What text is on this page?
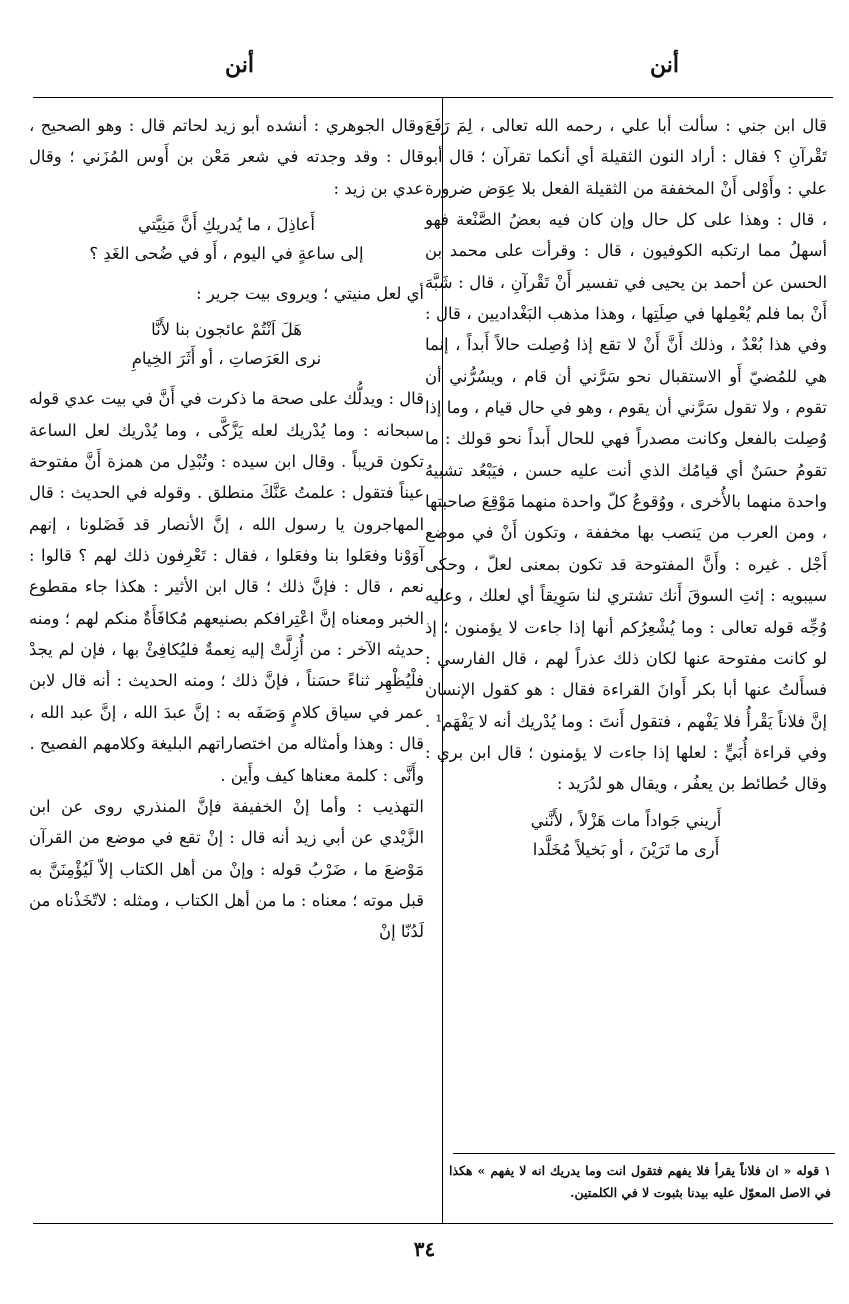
أنن
أنن

قال ابن جني : سألت أبا علي ، رحمه الله تعالى ، لِمَ رَفَعَ تَقْرآنِ ؟ فقال : أراد النون الثقيلة أي أنكما تقرآن ؛ قال أبو علي : وأَوْلى أَنْ المخففة من الثقيلة الفعل بلا عِوَض ضرورة ، قال : وهذا على كل حال وإن كان فيه بعضُ الصَّنْعة فهو أسهلُ مما ارتكبه الكوفيون ، قال : وقرأت على محمد بن الحسن عن أحمد بن يحيى في تفسير أَنْ تَقْرآنِ ، قال : شَبَّهَ أَنْ بما فلم يُعْمِلها في صِلَتِها ، وهذا مذهب البَغْداديين ، قال : وفي هذا بُعْدٌ ، وذلك أَنَّ أَنْ لا تقع إذا وُصِلت حالاً أَبداً ، إنما هي للمُضيّ أَو الاستقبال نحو سَرَّني أن قام ، ويسُرُّني أن تقوم ، ولا تقول سَرَّني أن يقوم ، وهو في حال قيام ، وما إذا وُصِلت بالفعل وكانت مصدراً فهي للحال أَبداً نحو قولك : ما تقومُ حسَنٌ أي قيامُك الذي أنت عليه حسن ، فيَبْعُد تشبيهُ واحدة منهما بالأُخرى ، ووُقوعُ كلّ واحدة منهما مَوْقِعَ صاحبتها ، ومن العرب من يَنصب بها مخففة ، وتكون أَنْ في موضع أَجْل . غيره : وأَنَّ المفتوحة قد تكون بمعنى لعلّ ، وحكى سيبويه : إئتِ السوقَ أَنك تشتري لنا سَوِيقاً أي لعلك ، وعليه وُجِّه قوله تعالى : وما يُشْعِرُكم أنها إذا جاءت لا يؤمنون ؛ إذ لو كانت مفتوحة عنها لكان ذلك عذراً لهم ، قال الفارسي : فسأَلتُ عنها أبا بكر أَوانَ القراءة فقال : هو كقول الإنسان إنَّ فلاناً يَقْرأُ فلا يَفْهم ، فتقول أَنتَ : وما يُدْريك أنه لا يَفْهَم¹ . وفي قراءة أُبَيٍّ : لعلها إذا جاءت لا يؤمنون ؛ قال ابن بري : وقال حُطائط بن يعفُر ، ويقال هو لدُرَيد :

أَريني جَواداً مات هَزْلاً ، لأَنَّني
أَرى ما تَرَيْنَ ، أو بَخيلاً مُخَلَّدا

وقال الجوهري : أنشده أبو زيد لحاتم قال : وهو الصحيح ، قال : وقد وجدته في شعر مَعْن بن أَوس المُزَني ؛ وقال عدي بن زيد :

أَعاذِلَ ، ما يُدريكِ أَنَّ مَنِيَّتي
إلى ساعةٍ في اليوم ، أَو في ضُحى الغَدِ ؟

أي لعل منيتي ؛ ويروى بيت جرير :

هَلَ اَنْتُمْ عائجون بنا لأَنَّا
نرى العَرَصاتِ ، أو أَثَرَ الخِيامِ

قال : ويدلُّك على صحة ما ذكرت في أَنَّ في بيت عدي قوله سبحانه : وما يُدْريك لعله يَزَّكَّى ، وما يُدْريك لعل الساعة تكون قريباً . وقال ابن سيده : وتُبْدِل من همزة أَنَّ مفتوحة عيناً فتقول : علمتُ عَنَّكَ منطلق . وقوله في الحديث : قال المهاجرون يا رسول الله ، إنَّ الأنصار قد فَضَلونا ، إنهم آوَوْنا وفعَلوا بنا وفعَلوا ، فقال : تَعْرِفون ذلك لهم ؟ قالوا : نعم ، قال : فإنَّ ذلك ؛ قال ابن الأثير : هكذا جاء مقطوع الخبر ومعناه إنَّ اعْتِرافكم بصنيعهم مُكافَأَةٌ منكم لهم ؛ ومنه حديثه الآخر : من أُزِلَّتْ إليه نِعمةٌ فليُكافِئْ بها ، فإن لم يجدْ فلْيُظْهِر ثناءً حسَناً ، فإنَّ ذلك ؛ ومنه الحديث : أنه قال لابن عمر في سياق كلامٍ وَصَفَه به : إنَّ عبدَ الله ، إنَّ عبد الله ، قال : وهذا وأمثاله من اختصاراتهم البليغة وكلامهم الفصيح .

وأَنَّى : كلمة معناها كيف وأَين .

التهذيب : وأما إنْ الخفيفة فإنَّ المنذري روى عن ابن الزَّيْدي عن أبي زيد أنه قال : إنْ تقع في موضع من القرآن مَوْضعَ ما ، ضَرْبُ قوله : وإنْ من أهل الكتاب إلاّ لَيُؤْمِنَنَّ به قبل موته ؛ معناه : ما من أهل الكتاب ، ومثله : لاتّخَذْناه من لَدُنّا إنْ

١ قوله « ان فلاناً يقرأ فلا يفهم فتقول انت وما يدريك انه لا يفهم » هكذا في الاصل المعوّل عليه بيدنا بثبوت لا في الكلمتين.
٣٤
